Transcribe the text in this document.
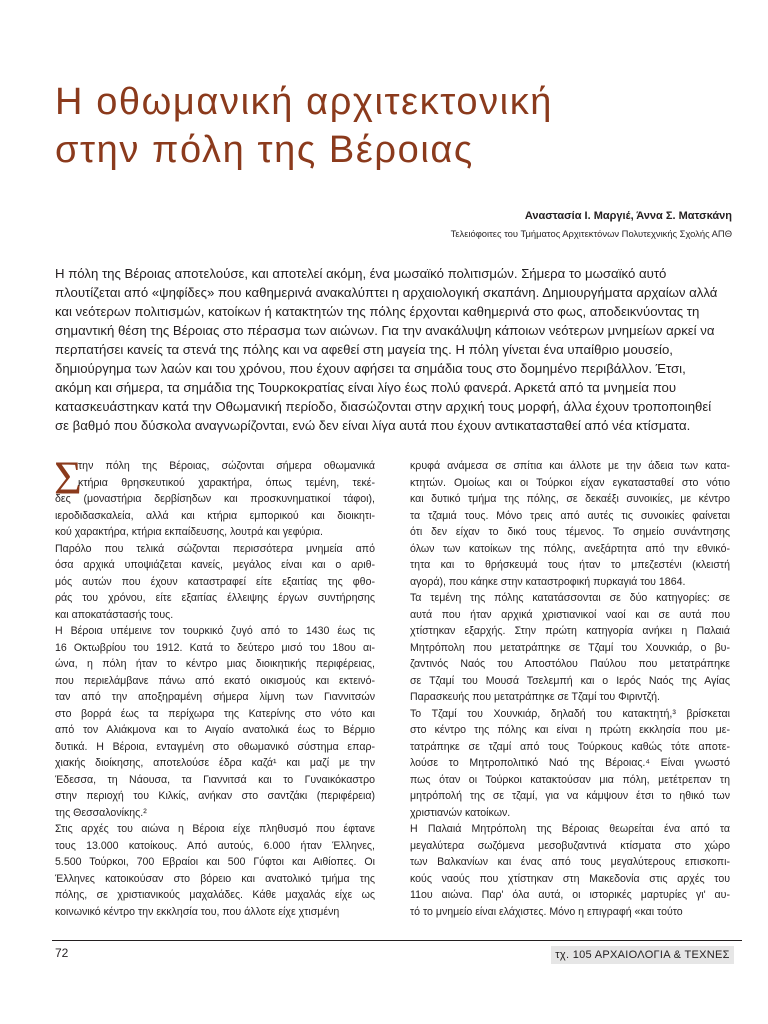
Η οθωμανική αρχιτεκτονική
στην πόλη της Βέροιας

Αναστασία Ι. Μαργιέ, Άννα Σ. Ματσκάνη

Τελειόφοιτες του Τμήματος Αρχιτεκτόνων Πολυτεχνικής Σχολής ΑΠΘ

Η πόλη της Βέροιας αποτελούσε, και αποτελεί ακόμη, ένα μωσαϊκό πολιτισμών. Σήμερα το μωσαϊκό αυτό
πλουτίζεται από «ψηφίδες» που καθημερινά ανακαλύπτει η αρχαιολογική σκαπάνη. Δημιουργήματα αρχαίων αλλά
και νεότερων πολιτισμών, κατοίκων ή κατακτητών της πόλης έρχονται καθημερινά στο φως, αποδεικνύοντας τη
σημαντική θέση της Βέροιας στο πέρασμα των αιώνων. Για την ανακάλυψη κάποιων νεότερων μνημείων αρκεί να
περπατήσει κανείς τα στενά της πόλης και να αφεθεί στη μαγεία της. Η πόλη γίνεται ένα υπαίθριο μουσείο,
δημιούργημα των λαών και του χρόνου, που έχουν αφήσει τα σημάδια τους στο δομημένο περιβάλλον. Έτσι,
ακόμη και σήμερα, τα σημάδια της Τουρκοκρατίας είναι λίγο έως πολύ φανερά. Αρκετά από τα μνημεία που
κατασκευάστηκαν κατά την Οθωμανική περίοδο, διασώζονται στην αρχική τους μορφή, άλλα έχουν τροποποιηθεί
σε βαθμό που δύσκολα αναγνωρίζονται, ενώ δεν είναι λίγα αυτά που έχουν αντικατασταθεί από νέα κτίσματα.
Σ
την πόλη της Βέροιας, σώζονται σήμερα οθωμανικά
κτήρια θρησκευτικού χαρακτήρα, όπως τεμένη, τεκέ-
δες (μοναστήρια δερβίσηδων και προσκυνηματικοί τάφοι),
ιεροδιδασκαλεία, αλλά και κτήρια εμπορικού και διοικητι-
κού χαρακτήρα, κτήρια εκπαίδευσης, λουτρά και γεφύρια.
Παρόλο που τελικά σώζονται περισσότερα μνημεία από
όσα αρχικά υποψιάζεται κανείς, μεγάλος είναι και ο αριθ-
μός αυτών που έχουν καταστραφεί είτε εξαιτίας της φθο-
ράς του χρόνου, είτε εξαιτίας έλλειψης έργων συντήρησης
και αποκατάστασής τους.
Η Βέροια υπέμεινε τον τουρκικό ζυγό από το 1430 έως τις
16 Οκτωβρίου του 1912. Κατά το δεύτερο μισό του 18ου αι-
ώνα, η πόλη ήταν το κέντρο μιας διοικητικής περιφέρειας,
που περιελάμβανε πάνω από εκατό οικισμούς και εκτεινό-
ταν από την αποξηραμένη σήμερα λίμνη των Γιαννιτσών
στο βορρά έως τα περίχωρα της Κατερίνης στο νότο και
από τον Αλιάκμονα και το Αιγαίο ανατολικά έως το Βέρμιο
δυτικά. Η Βέροια, ενταγμένη στο οθωμανικό σύστημα επαρ-
χιακής διοίκησης, αποτελούσε έδρα καζά¹ και μαζί με την
Έδεσσα, τη Νάουσα, τα Γιαννιτσά και το Γυναικόκαστρο
στην περιοχή του Κιλκίς, ανήκαν στο σαντζάκι (περιφέρεια)
της Θεσσαλονίκης.²
Στις αρχές του αιώνα η Βέροια είχε πληθυσμό που έφτανε
τους 13.000 κατοίκους. Από αυτούς, 6.000 ήταν Έλληνες,
5.500 Τούρκοι, 700 Εβραίοι και 500 Γύφτοι και Αιθίοπες. Οι
Έλληνες κατοικούσαν στο βόρειο και ανατολικό τμήμα της
πόλης, σε χριστιανικούς μαχαλάδες. Κάθε μαχαλάς είχε ως
κοινωνικό κέντρο την εκκλησία του, που άλλοτε είχε χτισμένη
κρυφά ανάμεσα σε σπίτια και άλλοτε με την άδεια των κατα-
κτητών. Ομοίως και οι Τούρκοι είχαν εγκατασταθεί στο νότιο
και δυτικό τμήμα της πόλης, σε δεκαέξι συνοικίες, με κέντρο
τα τζαμιά τους. Μόνο τρεις από αυτές τις συνοικίες φαίνεται
ότι δεν είχαν το δικό τους τέμενος. Το σημείο συνάντησης
όλων των κατοίκων της πόλης, ανεξάρτητα από την εθνικό-
τητα και το θρήσκευμά τους ήταν το μπεζεστένι (κλειστή
αγορά), που κάηκε στην καταστροφική πυρκαγιά του 1864.
Τα τεμένη της πόλης κατατάσσονται σε δύο κατηγορίες: σε
αυτά που ήταν αρχικά χριστιανικοί ναοί και σε αυτά που
χτίστηκαν εξαρχής. Στην πρώτη κατηγορία ανήκει η Παλαιά
Μητρόπολη που μετατράπηκε σε Τζαμί του Χουνκιάρ, ο βυ-
ζαντινός Ναός του Αποστόλου Παύλου που μετατράπηκε
σε Τζαμί του Μουσά Τσελεμπή και ο Ιερός Ναός της Αγίας
Παρασκευής που μετατράπηκε σε Τζαμί του Φιριντζή.
Το Τζαμί του Χουνκιάρ, δηλαδή του κατακτητή,³ βρίσκεται
στο κέντρο της πόλης και είναι η πρώτη εκκλησία που με-
τατράπηκε σε τζαμί από τους Τούρκους καθώς τότε αποτε-
λούσε το Μητροπολιτικό Ναό της Βέροιας.⁴ Είναι γνωστό
πως όταν οι Τούρκοι κατακτούσαν μια πόλη, μετέτρεπαν τη
μητρόπολή της σε τζαμί, για να κάμψουν έτσι το ηθικό των
χριστιανών κατοίκων.
Η Παλαιά Μητρόπολη της Βέροιας θεωρείται ένα από τα
μεγαλύτερα σωζόμενα μεσοβυζαντινά κτίσματα στο χώρο
των Βαλκανίων και ένας από τους μεγαλύτερους επισκοπι-
κούς ναούς που χτίστηκαν στη Μακεδονία στις αρχές του
11ου αιώνα. Παρ' όλα αυτά, οι ιστορικές μαρτυρίες γι' αυ-
τό το μνημείο είναι ελάχιστες. Μόνο η επιγραφή «και τούτο
72	τχ. 105 ΑΡΧΑΙΟΛΟΓΙΑ & ΤΕΧΝΕΣ
